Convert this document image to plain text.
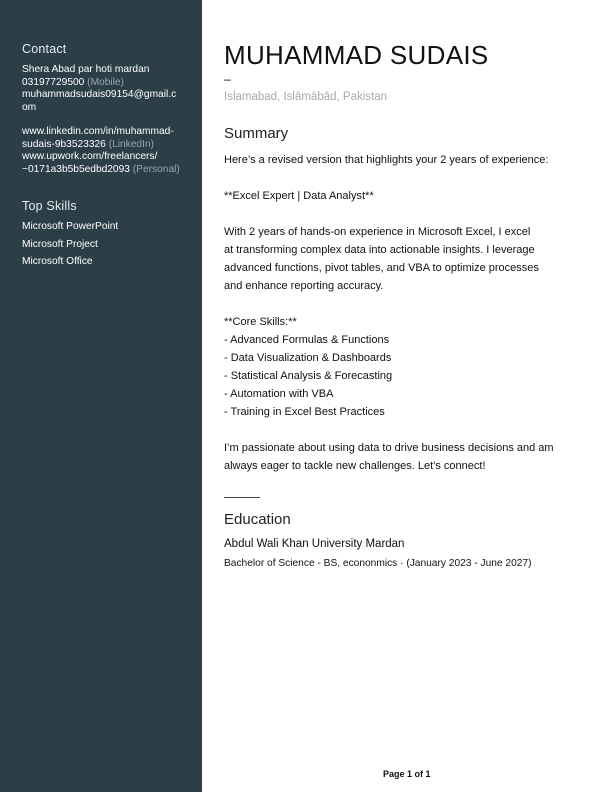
Contact
Shera Abad par hoti mardan
03197729500 (Mobile)
muhammadsudais09154@gmail.c
om
www.linkedin.com/in/muhammad-
sudais-9b3523326 (LinkedIn)
www.upwork.com/freelancers/
~0171a3b5b5edbd2093 (Personal)
Top Skills
Microsoft PowerPoint
Microsoft Project
Microsoft Office
MUHAMMAD SUDAIS
–
Islamabad, Islāmābād, Pakistan
Summary
Here’s a revised version that highlights your 2 years of experience:
**Excel Expert | Data Analyst**
With 2 years of hands-on experience in Microsoft Excel, I excel
at transforming complex data into actionable insights. I leverage
advanced functions, pivot tables, and VBA to optimize processes
and enhance reporting accuracy.
**Core Skills:**
- Advanced Formulas & Functions
- Data Visualization & Dashboards
- Statistical Analysis & Forecasting
- Automation with VBA
- Training in Excel Best Practices
I’m passionate about using data to drive business decisions and am
always eager to tackle new challenges. Let’s connect!
Education
Abdul Wali Khan University Mardan
Bachelor of Science - BS, econonmics · (January 2023 - June 2027)
Page 1 of 1
